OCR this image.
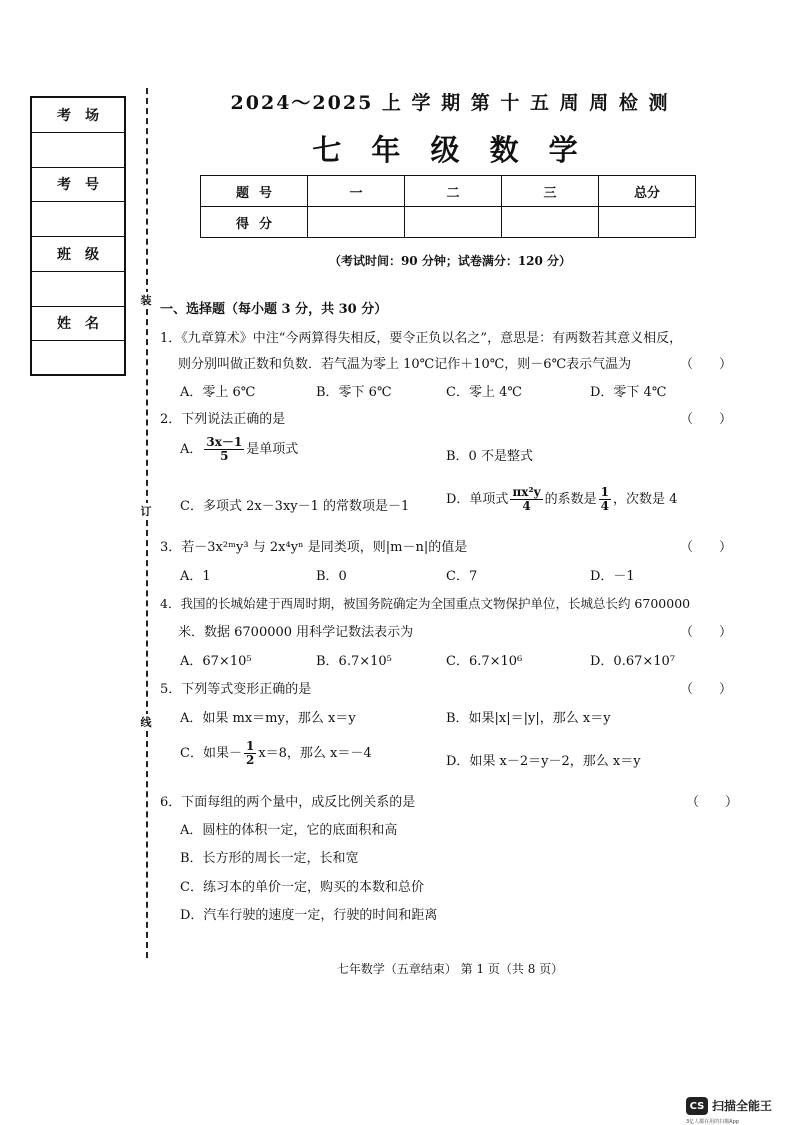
考场
考号
班级
姓名
装
订
线
2024～2025 上 学 期 第 十 五 周 周 检 测
七 年 级 数 学
题号	一	二	三	总分
得分				
（考试时间：90 分钟；试卷满分：120 分）
一、选择题（每小题 3 分，共 30 分）
1．《九章算术》中注“今两算得失相反，要令正负以名之”，意思是：有两数若其意义相反，
则分别叫做正数和负数．若气温为零上 10℃记作＋10℃，则－6℃表示气温为	（　　）
A．零上 6℃	B．零下 6℃	C．零上 4℃	D．零下 4℃
2．下列说法正确的是	（　　）
A． $\frac{3x-1}{5}$ 是单项式	B．0 不是整式
C．多项式 2x－3xy－1 的常数项是－1	D．单项式 $\frac{\text{πx²y}}{4}$ 的系数是 $\frac{1}{4}$ ，次数是 4
3．若－3x²ᵐy³ 与 2x⁴yⁿ 是同类项，则|m－n|的值是	（　　）
A．1	B．0	C．7	D．－1
4．我国的长城始建于西周时期，被国务院确定为全国重点文物保护单位，长城总长约 6700000
米．数据 6700000 用科学记数法表示为	（　　）
A．67×10⁵	B．6.7×10⁵	C．6.7×10⁶	D．0.67×10⁷
5．下列等式变形正确的是	（　　）
A．如果 mx＝my，那么 x＝y	B．如果|x|＝|y|，那么 x＝y
C．如果－ $\frac{1}{2} x=8$，那么 x＝－4
D．如果 x－2＝y－2，那么 x＝y
6．下面每组的两个量中，成反比例关系的是	（　　）
A．圆柱的体积一定，它的底面积和高
B．长方形的周长一定，长和宽
C．练习本的单价一定，购买的本数和总价
D．汽车行驶的速度一定，行驶的时间和距离
七年数学（五章结束） 第 1 页（共 8 页）
CS 扫描全能王
3亿人都在用的扫描App
